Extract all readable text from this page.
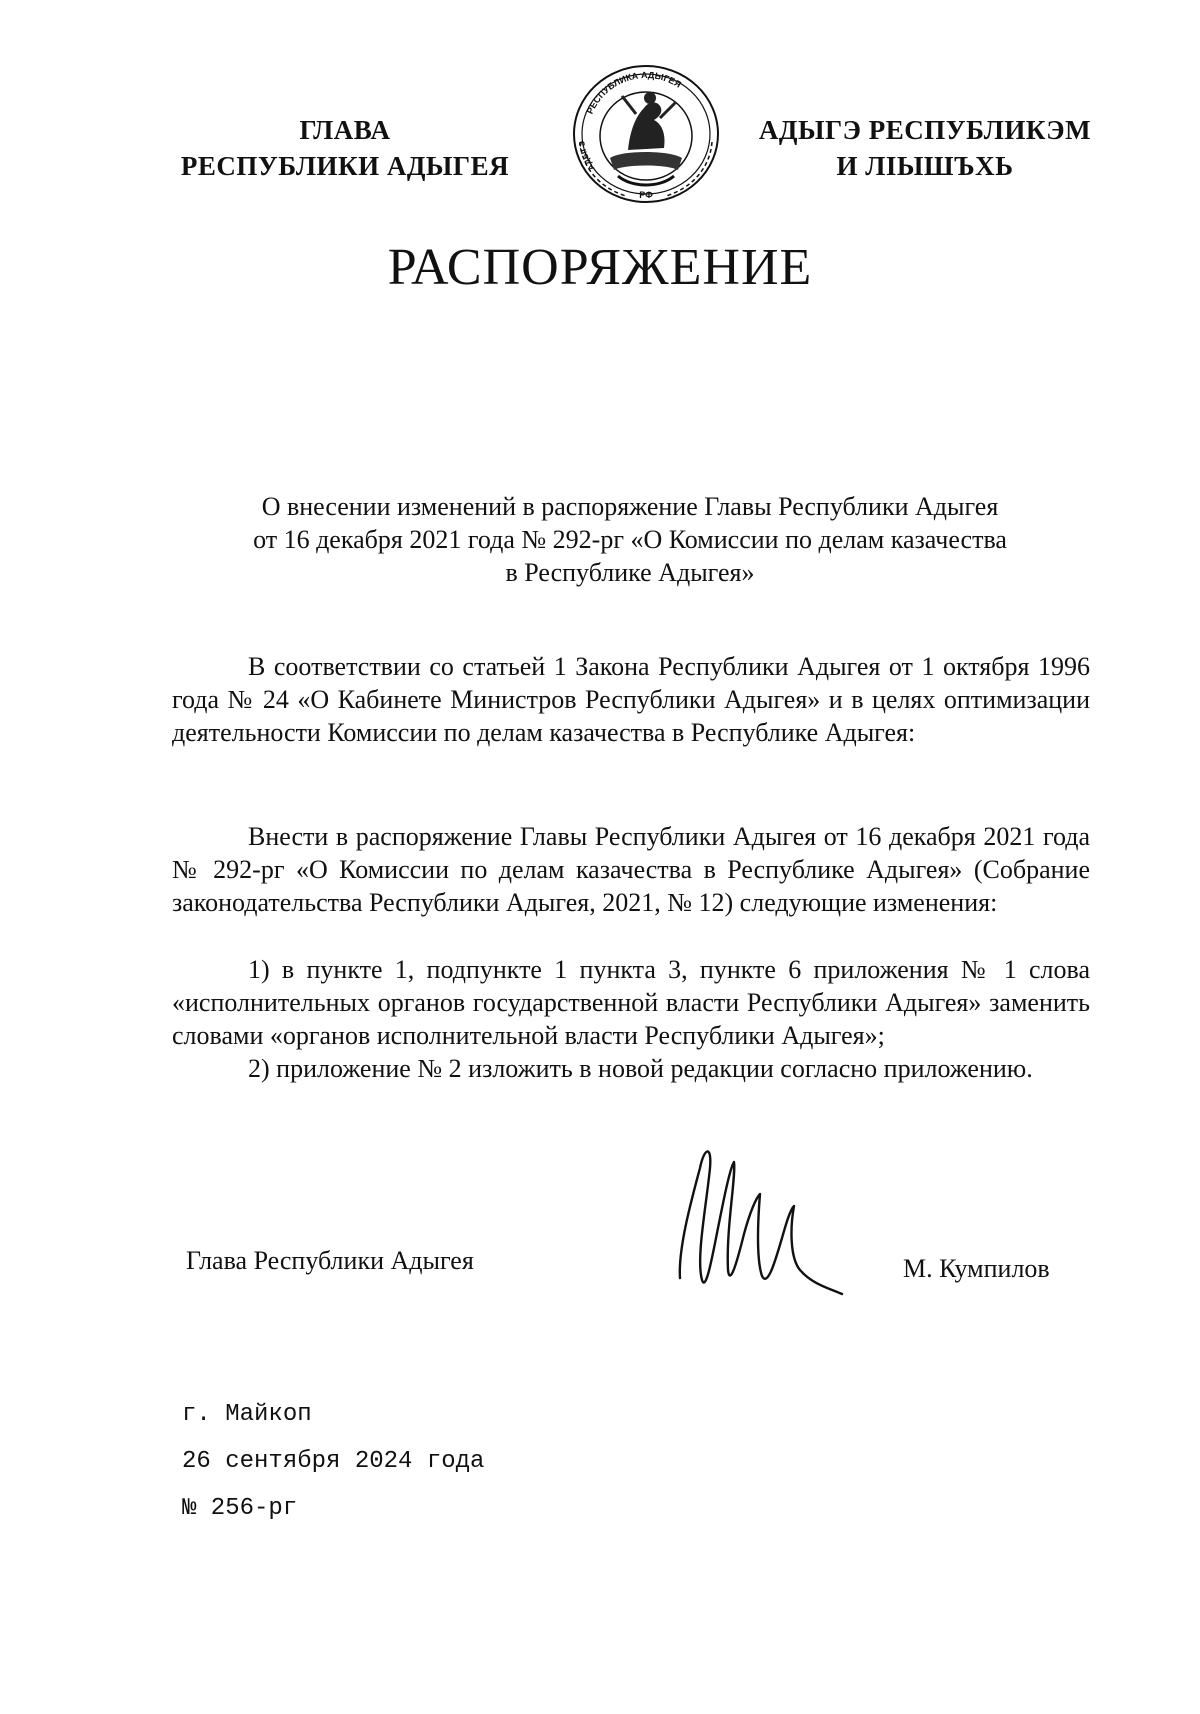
ГЛАВА
РЕСПУБЛИКИ АДЫГЕЯ
РЕСПУБЛИКА АДЫГЕЯ
АДЫГЭ
РФ
АДЫГЭ РЕСПУБЛИКЭМ
И ЛІЫШЪХЬ
РАСПОРЯЖЕНИЕ
О внесении изменений в распоряжение Главы Республики Адыгея
от 16 декабря 2021 года № 292-рг «О Комиссии по делам казачества
в Республике Адыгея»

В соответствии со статьей 1 Закона Республики Адыгея от 1 октября 1996 года № 24 «О Кабинете Министров Республики Адыгея» и в целях оптимизации деятельности Комиссии по делам казачества в Республике Адыгея:

Внести в распоряжение Главы Республики Адыгея от 16 декабря 2021 года № 292-рг «О Комиссии по делам казачества в Республике Адыгея» (Собрание законодательства Республики Адыгея, 2021, № 12) следующие изменения:

1) в пункте 1, подпункте 1 пункта 3, пункте 6 приложения № 1 слова «исполнительных органов государственной власти Республики Адыгея» заменить словами «органов исполнительной власти Республики Адыгея»;

2) приложение № 2 изложить в новой редакции согласно приложению.

Глава Республики Адыгея	М. Кумпилов
г. Майкоп
26 сентября 2024 года
№ 256-рг
